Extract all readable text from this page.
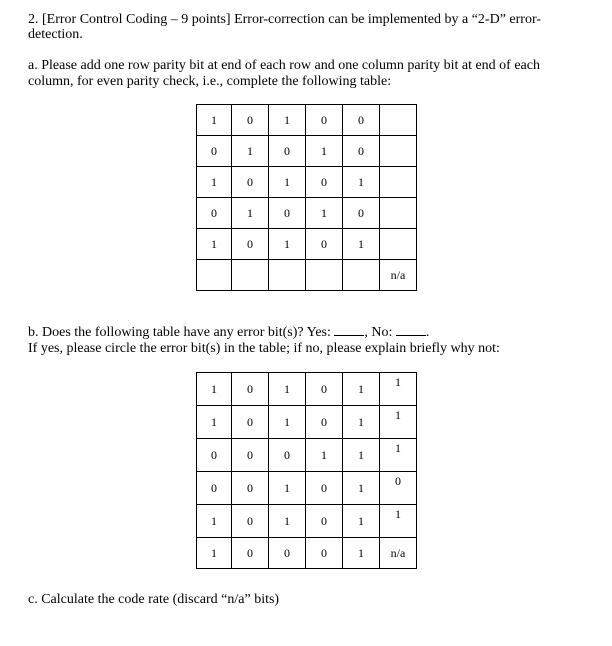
2. [Error Control Coding – 9 points] Error-correction can be implemented by a “2-D” error-
detection.
a. Please add one row parity bit at end of each row and one column parity bit at end of each
column, for even parity check, i.e., complete the following table:
1	0	1	0	0	
0	1	0	1	0	
1	0	1	0	1	
0	1	0	1	0	
1	0	1	0	1	
					n/a
b. Does the following table have any error bit(s)? Yes: , No: .
If yes, please circle the error bit(s) in the table; if no, please explain briefly why not:
1	0	1	0	1	1
1	0	1	0	1	1
0	0	0	1	1	1
0	0	1	0	1	0
1	0	1	0	1	1
1	0	0	0	1	n/a
c. Calculate the code rate (discard “n/a” bits)
